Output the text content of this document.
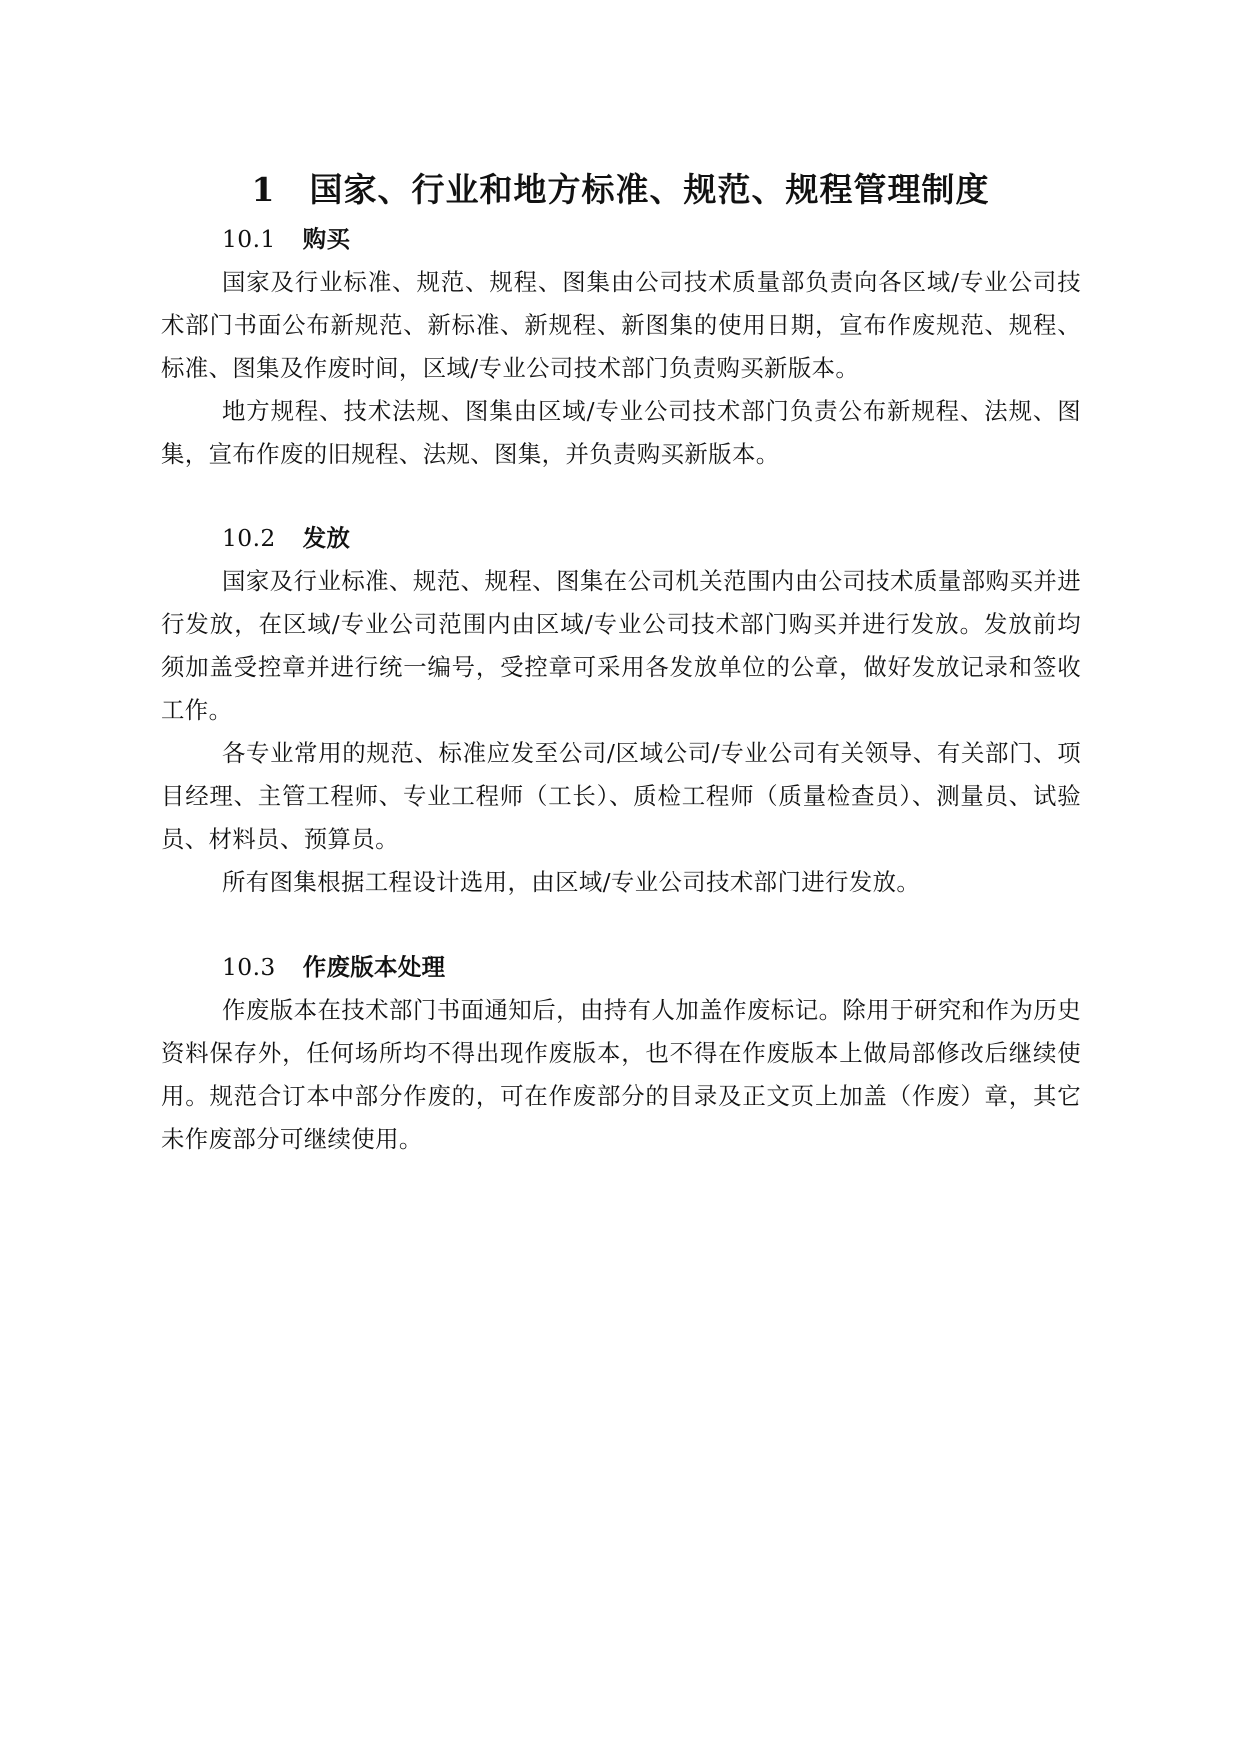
1 国家、行业和地方标准、规范、规程管理制度

10.1 购买

国家及行业标准、规范、规程、图集由公司技术质量部负责向各区域/专业公司技术部门书面公布新规范、新标准、新规程、新图集的使用日期，宣布作废规范、规程、标准、图集及作废时间，区域/专业公司技术部门负责购买新版本。

地方规程、技术法规、图集由区域/专业公司技术部门负责公布新规程、法规、图集，宣布作废的旧规程、法规、图集，并负责购买新版本。

10.2 发放

国家及行业标准、规范、规程、图集在公司机关范围内由公司技术质量部购买并进行发放，在区域/专业公司范围内由区域/专业公司技术部门购买并进行发放。发放前均须加盖受控章并进行统一编号，受控章可采用各发放单位的公章，做好发放记录和签收工作。

各专业常用的规范、标准应发至公司/区域公司/专业公司有关领导、有关部门、项目经理、主管工程师、专业工程师（工长）、质检工程师（质量检查员）、测量员、试验员、材料员、预算员。

所有图集根据工程设计选用，由区域/专业公司技术部门进行发放。

10.3 作废版本处理

作废版本在技术部门书面通知后，由持有人加盖作废标记。除用于研究和作为历史资料保存外，任何场所均不得出现作废版本，也不得在作废版本上做局部修改后继续使用。规范合订本中部分作废的，可在作废部分的目录及正文页上加盖（作废）章，其它未作废部分可继续使用。
